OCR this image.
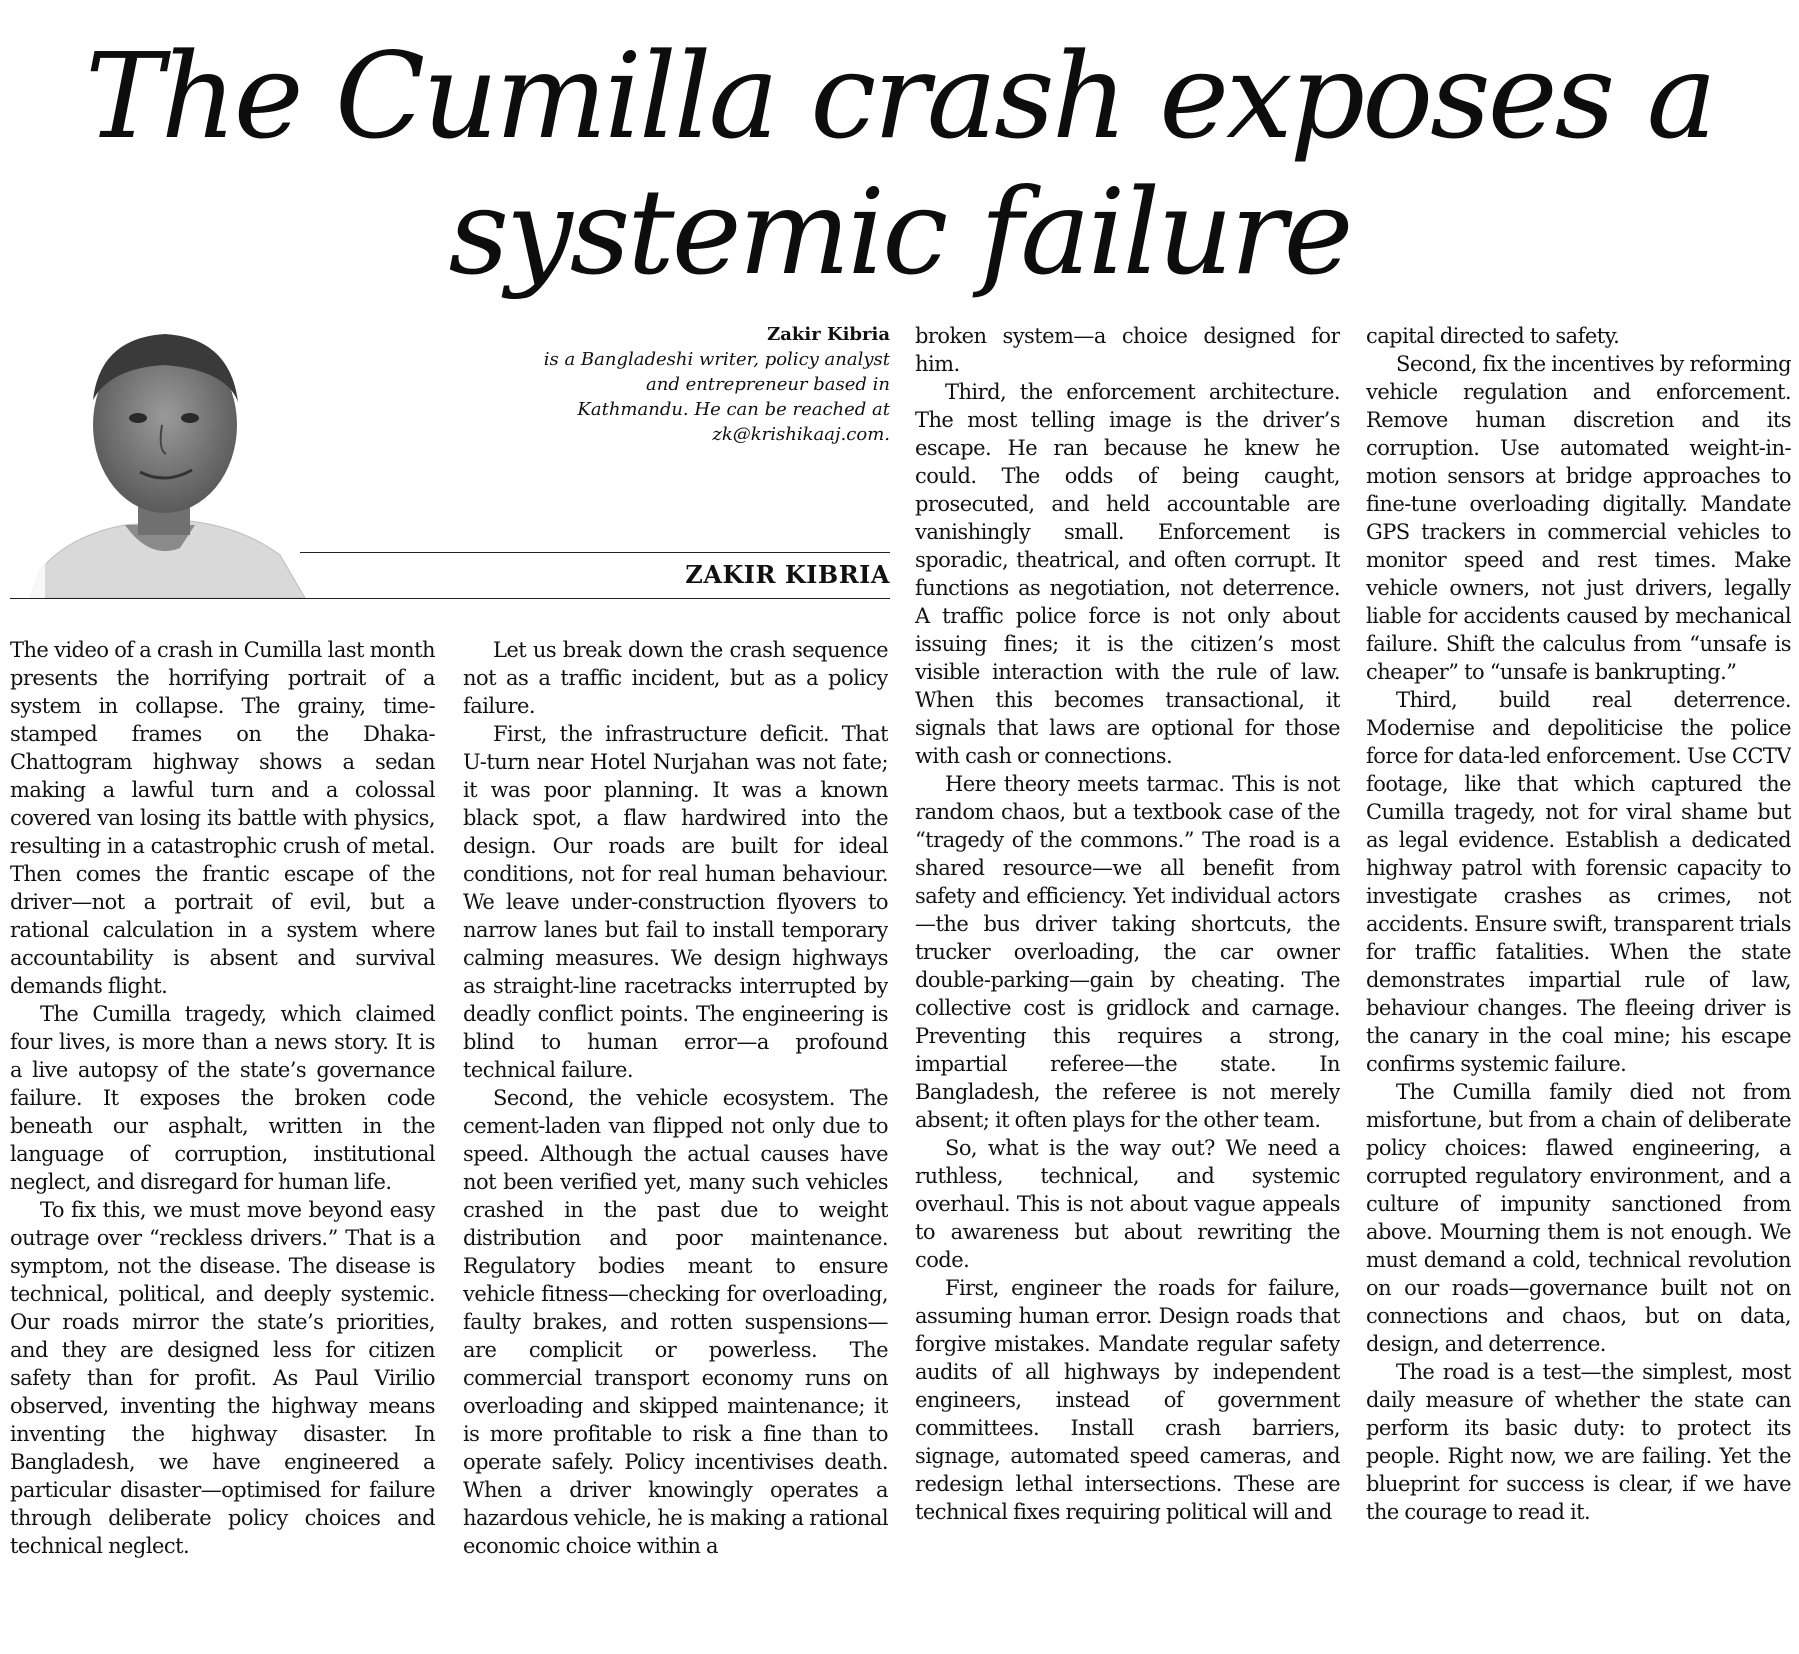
The Cumilla crash exposes a systemic failure
Zakir Kibria
is a Bangladeshi writer, policy analyst and entrepreneur based in Kathmandu. He can be reached at zk@krishikaaj.com.
ZAKIR KIBRIA

The video of a crash in Cumilla last month presents the horrifying portrait of a system in collapse. The grainy, time-stamped frames on the Dhaka-Chattogram highway shows a sedan making a lawful turn and a colossal covered van losing its battle with physics, resulting in a catastrophic crush of metal. Then comes the frantic escape of the driver—not a portrait of evil, but a rational calculation in a system where accountability is absent and survival demands flight.

The Cumilla tragedy, which claimed four lives, is more than a news story. It is a live autopsy of the state’s governance failure. It exposes the broken code beneath our asphalt, written in the language of corruption, institutional neglect, and disregard for human life.

To fix this, we must move beyond easy outrage over “reckless drivers.” That is a symptom, not the disease. The disease is technical, political, and deeply systemic. Our roads mirror the state’s priorities, and they are designed less for citizen safety than for profit. As Paul Virilio observed, inventing the highway means inventing the highway disaster. In Bangladesh, we have engineered a particular disaster—optimised for failure through deliberate policy choices and technical neglect.

Let us break down the crash sequence not as a traffic incident, but as a policy failure.

First, the infrastructure deficit. That U-turn near Hotel Nurjahan was not fate; it was poor planning. It was a known black spot, a flaw hardwired into the design. Our roads are built for ideal conditions, not for real human behaviour. We leave under-construction flyovers to narrow lanes but fail to install temporary calming measures. We design highways as straight-line racetracks interrupted by deadly conflict points. The engineering is blind to human error—a profound technical failure.

Second, the vehicle ecosystem. The cement-laden van flipped not only due to speed. Although the actual causes have not been verified yet, many such vehicles crashed in the past due to weight distribution and poor maintenance. Regulatory bodies meant to ensure vehicle fitness—checking for overloading, faulty brakes, and rotten suspensions—are complicit or powerless. The commercial transport economy runs on overloading and skipped maintenance; it is more profitable to risk a fine than to operate safely. Policy incentivises death. When a driver knowingly operates a hazardous vehicle, he is making a rational economic choice within a

broken system—a choice designed for him.

Third, the enforcement architecture. The most telling image is the driver’s escape. He ran because he knew he could. The odds of being caught, prosecuted, and held accountable are vanishingly small. Enforcement is sporadic, theatrical, and often corrupt. It functions as negotiation, not deterrence. A traffic police force is not only about issuing fines; it is the citizen’s most visible interaction with the rule of law. When this becomes transactional, it signals that laws are optional for those with cash or connections.

Here theory meets tarmac. This is not random chaos, but a textbook case of the “tragedy of the commons.” The road is a shared resource—we all benefit from safety and efficiency. Yet individual actors—the bus driver taking shortcuts, the trucker overloading, the car owner double-parking—gain by cheating. The collective cost is gridlock and carnage. Preventing this requires a strong, impartial referee—the state. In Bangladesh, the referee is not merely absent; it often plays for the other team.

So, what is the way out? We need a ruthless, technical, and systemic overhaul. This is not about vague appeals to awareness but about rewriting the code.

First, engineer the roads for failure, assuming human error. Design roads that forgive mistakes. Mandate regular safety audits of all highways by independent engineers, instead of government committees. Install crash barriers, signage, automated speed cameras, and redesign lethal intersections. These are technical fixes requiring political will and

capital directed to safety.

Second, fix the incentives by reforming vehicle regulation and enforcement. Remove human discretion and its corruption. Use automated weight-in-motion sensors at bridge approaches to fine-tune overloading digitally. Mandate GPS trackers in commercial vehicles to monitor speed and rest times. Make vehicle owners, not just drivers, legally liable for accidents caused by mechanical failure. Shift the calculus from “unsafe is cheaper” to “unsafe is bankrupting.”

Third, build real deterrence. Modernise and depoliticise the police force for data-led enforcement. Use CCTV footage, like that which captured the Cumilla tragedy, not for viral shame but as legal evidence. Establish a dedicated highway patrol with forensic capacity to investigate crashes as crimes, not accidents. Ensure swift, transparent trials for traffic fatalities. When the state demonstrates impartial rule of law, behaviour changes. The fleeing driver is the canary in the coal mine; his escape confirms systemic failure.

The Cumilla family died not from misfortune, but from a chain of deliberate policy choices: flawed engineering, a corrupted regulatory environment, and a culture of impunity sanctioned from above. Mourning them is not enough. We must demand a cold, technical revolution on our roads—governance built not on connections and chaos, but on data, design, and deterrence.

The road is a test—the simplest, most daily measure of whether the state can perform its basic duty: to protect its people. Right now, we are failing. Yet the blueprint for success is clear, if we have the courage to read it.
